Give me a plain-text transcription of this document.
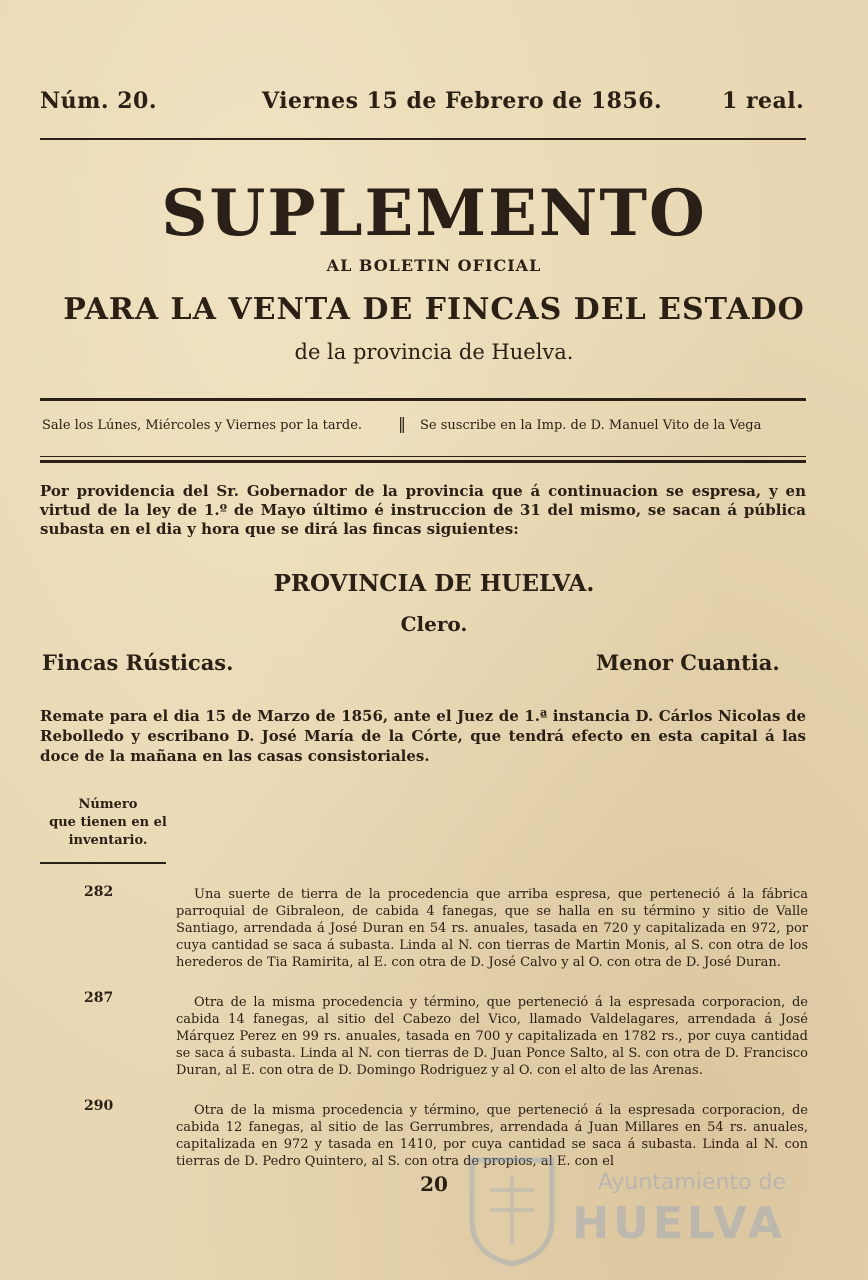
Núm. 20.	Viernes 15 de Febrero de 1856.	1 real.
SUPLEMENTO
AL BOLETIN OFICIAL
PARA LA VENTA DE FINCAS DEL ESTADO
de la provincia de Huelva.
Sale los Lúnes, Miércoles y Viernes por la tarde. ‖ Se suscribe en la Imp. de D. Manuel Vito de la Vega
Por providencia del Sr. Gobernador de la provincia que á continuacion se espresa, y en virtud de la ley de 1.º de Mayo último é instruccion de 31 del mismo, se sacan á pública subasta en el dia y hora que se dirá las fincas siguientes:
PROVINCIA DE HUELVA.
Clero.
Fincas Rústicas.	Menor Cuantia.
Remate para el dia 15 de Marzo de 1856, ante el Juez de 1.ª instancia D. Cárlos Nicolas de Rebolledo y escribano D. José María de la Córte, que tendrá efecto en esta capital á las doce de la mañana en las casas consistoriales.
Número
que tienen en el
inventario.
282	Una suerte de tierra de la procedencia que arriba espresa, que perteneció á la fábrica parroquial de Gibraleon, de cabida 4 fanegas, que se halla en su término y sitio de Valle Santiago, arrendada á José Duran en 54 rs. anuales, tasada en 720 y capitalizada en 972, por cuya cantidad se saca á subasta. Linda al N. con tierras de Martin Monis, al S. con otra de los herederos de Tia Ramirita, al E. con otra de D. José Calvo y al O. con otra de D. José Duran.
287	Otra de la misma procedencia y término, que perteneció á la espresada corporacion, de cabida 14 fanegas, al sitio del Cabezo del Vico, llamado Valdelagares, arrendada á José Márquez Perez en 99 rs. anuales, tasada en 700 y capitalizada en 1782 rs., por cuya cantidad se saca á subasta. Linda al N. con tierras de D. Juan Ponce Salto, al S. con otra de D. Francisco Duran, al E. con otra de D. Domingo Rodriguez y al O. con el alto de las Arenas.
290	Otra de la misma procedencia y término, que perteneció á la espresada corporacion, de cabida 12 fanegas, al sitio de las Gerrumbres, arrendada á Juan Millares en 54 rs. anuales, capitalizada en 972 y tasada en 1410, por cuya cantidad se saca á subasta. Linda al N. con tierras de D. Pedro Quintero, al S. con otra de propios, al E. con el
Ayuntamiento de
HUELVA
20
